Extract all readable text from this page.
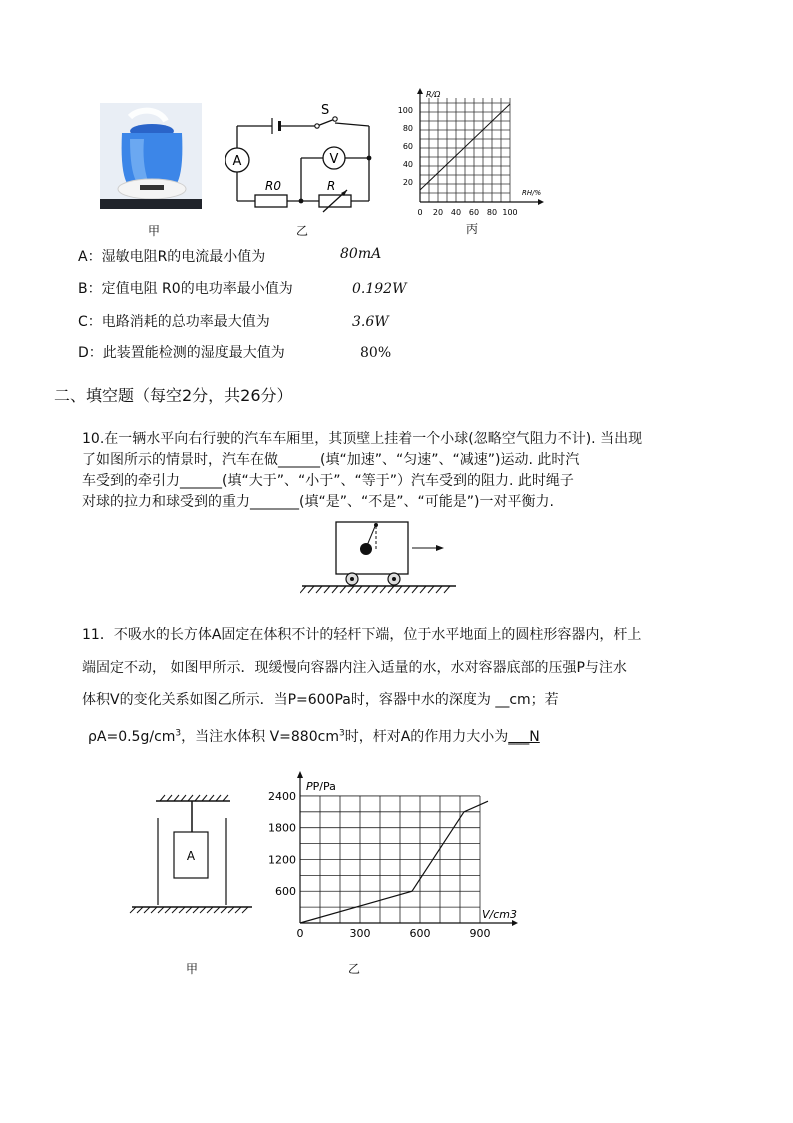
A	V
S
R0	R
R/Ω
RH/%
20
40
60
80
100
0 20 40 60 80 100
甲	乙	丙
A：湿敏电阻R的电流最小值为	80mA
B：定值电阻 R0的电功率最小值为	0.192W
C：电路消耗的总功率最大值为	3.6W
D：此装置能检测的湿度最大值为	80%
二、填空题（每空2分，共26分）
10.在一辆水平向右行驶的汽车车厢里，其顶壁上挂着一个小球(忽略空气阻力不计). 当出现
了如图所示的情景时，汽车在做______(填“加速”、“匀速”、“减速”)运动. 此时汽
车受到的牵引力______(填“大于”、“小于”、“等于”）汽车受到的阻力. 此时绳子
对球的拉力和球受到的重力_______(填“是”、“不是”、“可能是”)一对平衡力.
11．不吸水的长方体A固定在体积不计的轻杆下端，位于水平地面上的圆柱形容器内，杆上
端固定不动， 如图甲所示．现缓慢向容器内注入适量的水，水对容器底部的压强P与注水
体积V的变化关系如图乙所示．当P=600Pa时，容器中水的深度为 __cm；若
$\rho A=0.5g/cm^3$，当注水体积 $V=880cm^3$时，杆对A的作用力大小为___N
A
0	300	600	900
600
1200
1800
2400
PP/Pa
V/cm3
甲	乙
